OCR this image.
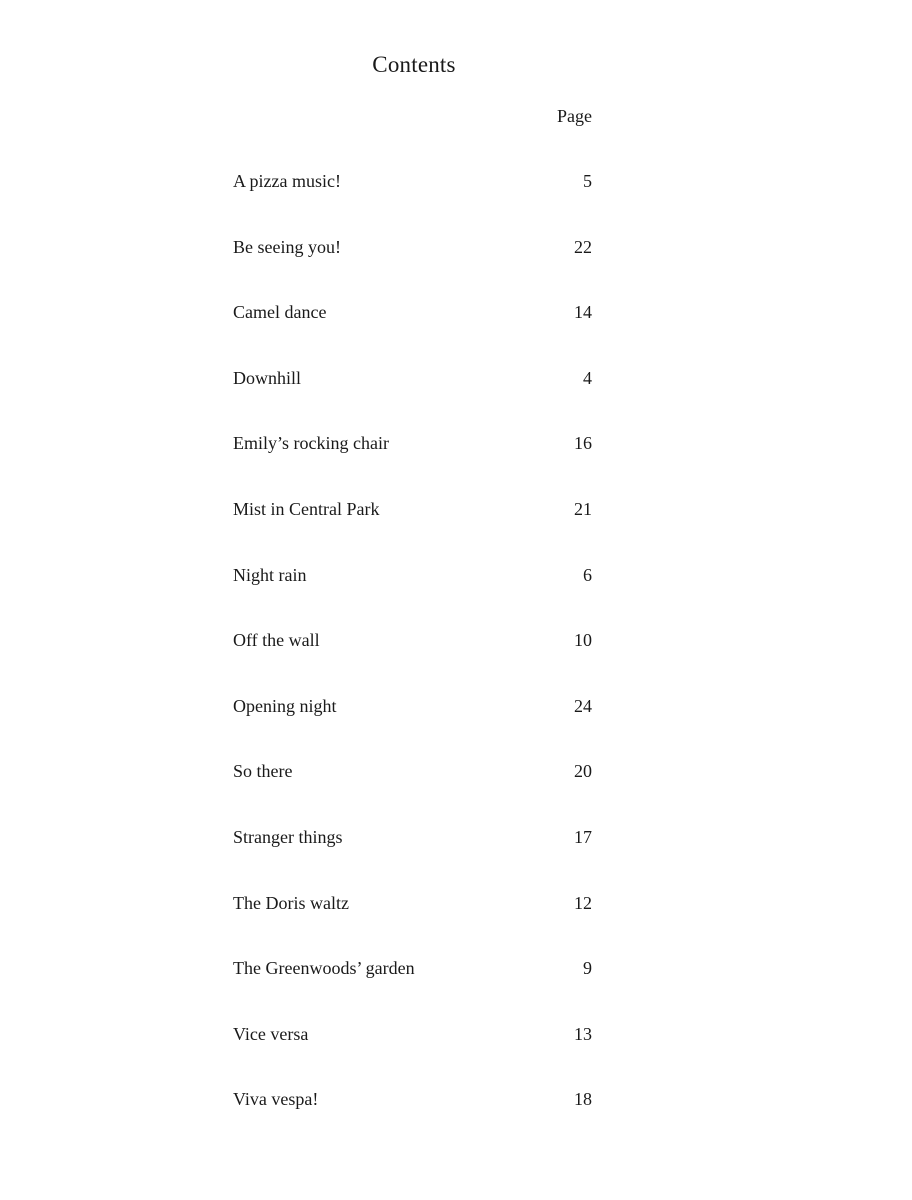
Contents
Page
A pizza music!	5
Be seeing you!	22
Camel dance	14
Downhill	4
Emily’s rocking chair	16
Mist in Central Park	21
Night rain	6
Off the wall	10
Opening night	24
So there	20
Stranger things	17
The Doris waltz	12
The Greenwoods’ garden	9
Vice versa	13
Viva vespa!	18
